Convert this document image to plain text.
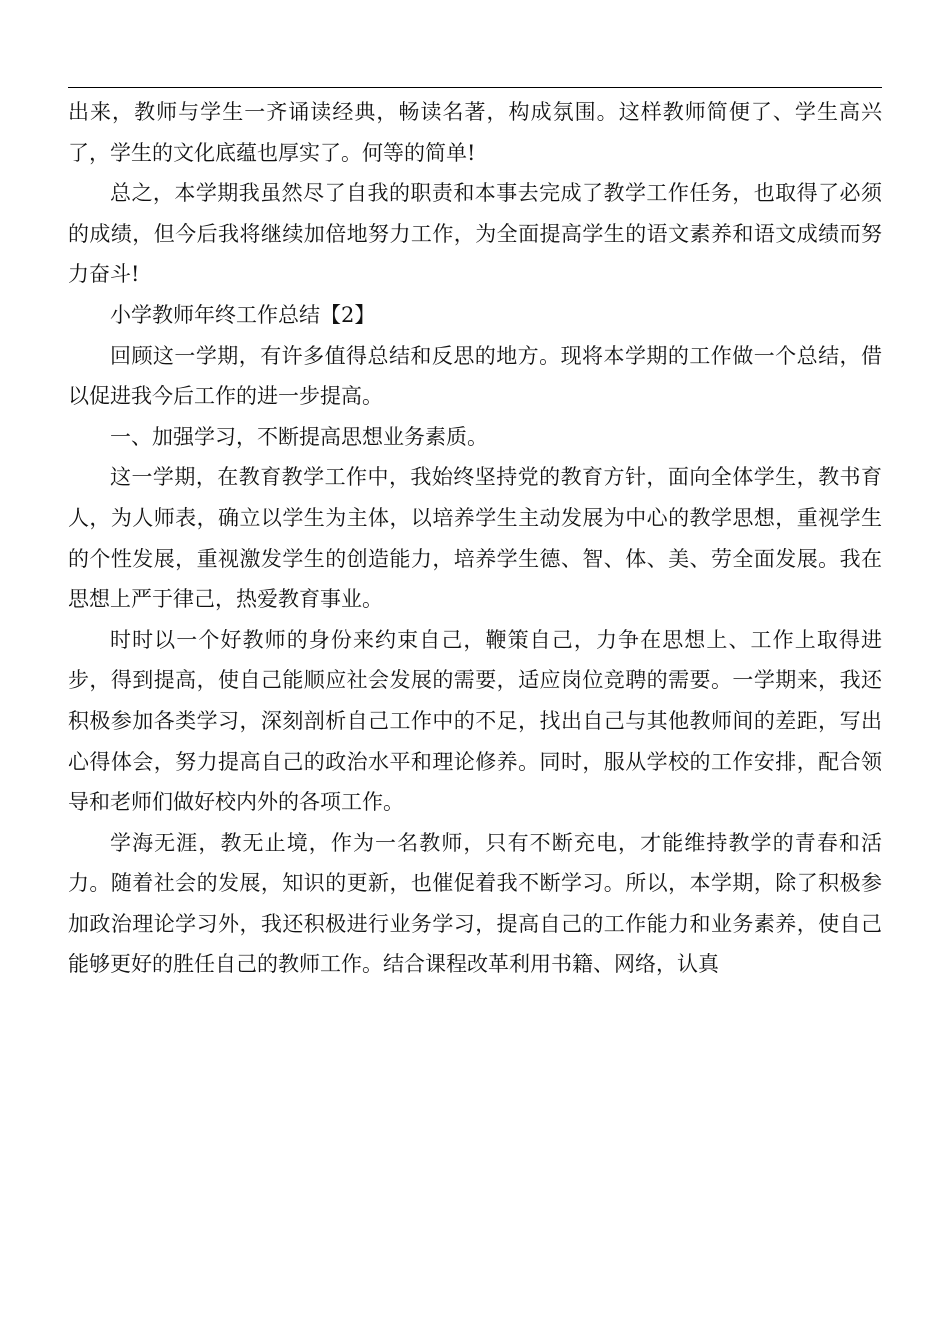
出来，教师与学生一齐诵读经典，畅读名著，构成氛围。这样教师简便了、学生高兴了，学生的文化底蕴也厚实了。何等的简单!

总之，本学期我虽然尽了自我的职责和本事去完成了教学工作任务，也取得了必须的成绩，但今后我将继续加倍地努力工作，为全面提高学生的语文素养和语文成绩而努力奋斗!

小学教师年终工作总结【2】

回顾这一学期，有许多值得总结和反思的地方。现将本学期的工作做一个总结，借以促进我今后工作的进一步提高。

一、加强学习，不断提高思想业务素质。

这一学期，在教育教学工作中，我始终坚持党的教育方针，面向全体学生，教书育人，为人师表，确立以学生为主体，以培养学生主动发展为中心的教学思想，重视学生的个性发展，重视激发学生的创造能力，培养学生德、智、体、美、劳全面发展。我在思想上严于律己，热爱教育事业。

时时以一个好教师的身份来约束自己，鞭策自己，力争在思想上、工作上取得进步，得到提高，使自己能顺应社会发展的需要，适应岗位竞聘的需要。一学期来，我还积极参加各类学习，深刻剖析自己工作中的不足，找出自己与其他教师间的差距，写出心得体会，努力提高自己的政治水平和理论修养。同时，服从学校的工作安排，配合领导和老师们做好校内外的各项工作。

学海无涯，教无止境，作为一名教师，只有不断充电，才能维持教学的青春和活力。随着社会的发展，知识的更新，也催促着我不断学习。所以，本学期，除了积极参加政治理论学习外，我还积极进行业务学习，提高自己的工作能力和业务素养，使自己能够更好的胜任自己的教师工作。结合课程改革利用书籍、网络，认真
